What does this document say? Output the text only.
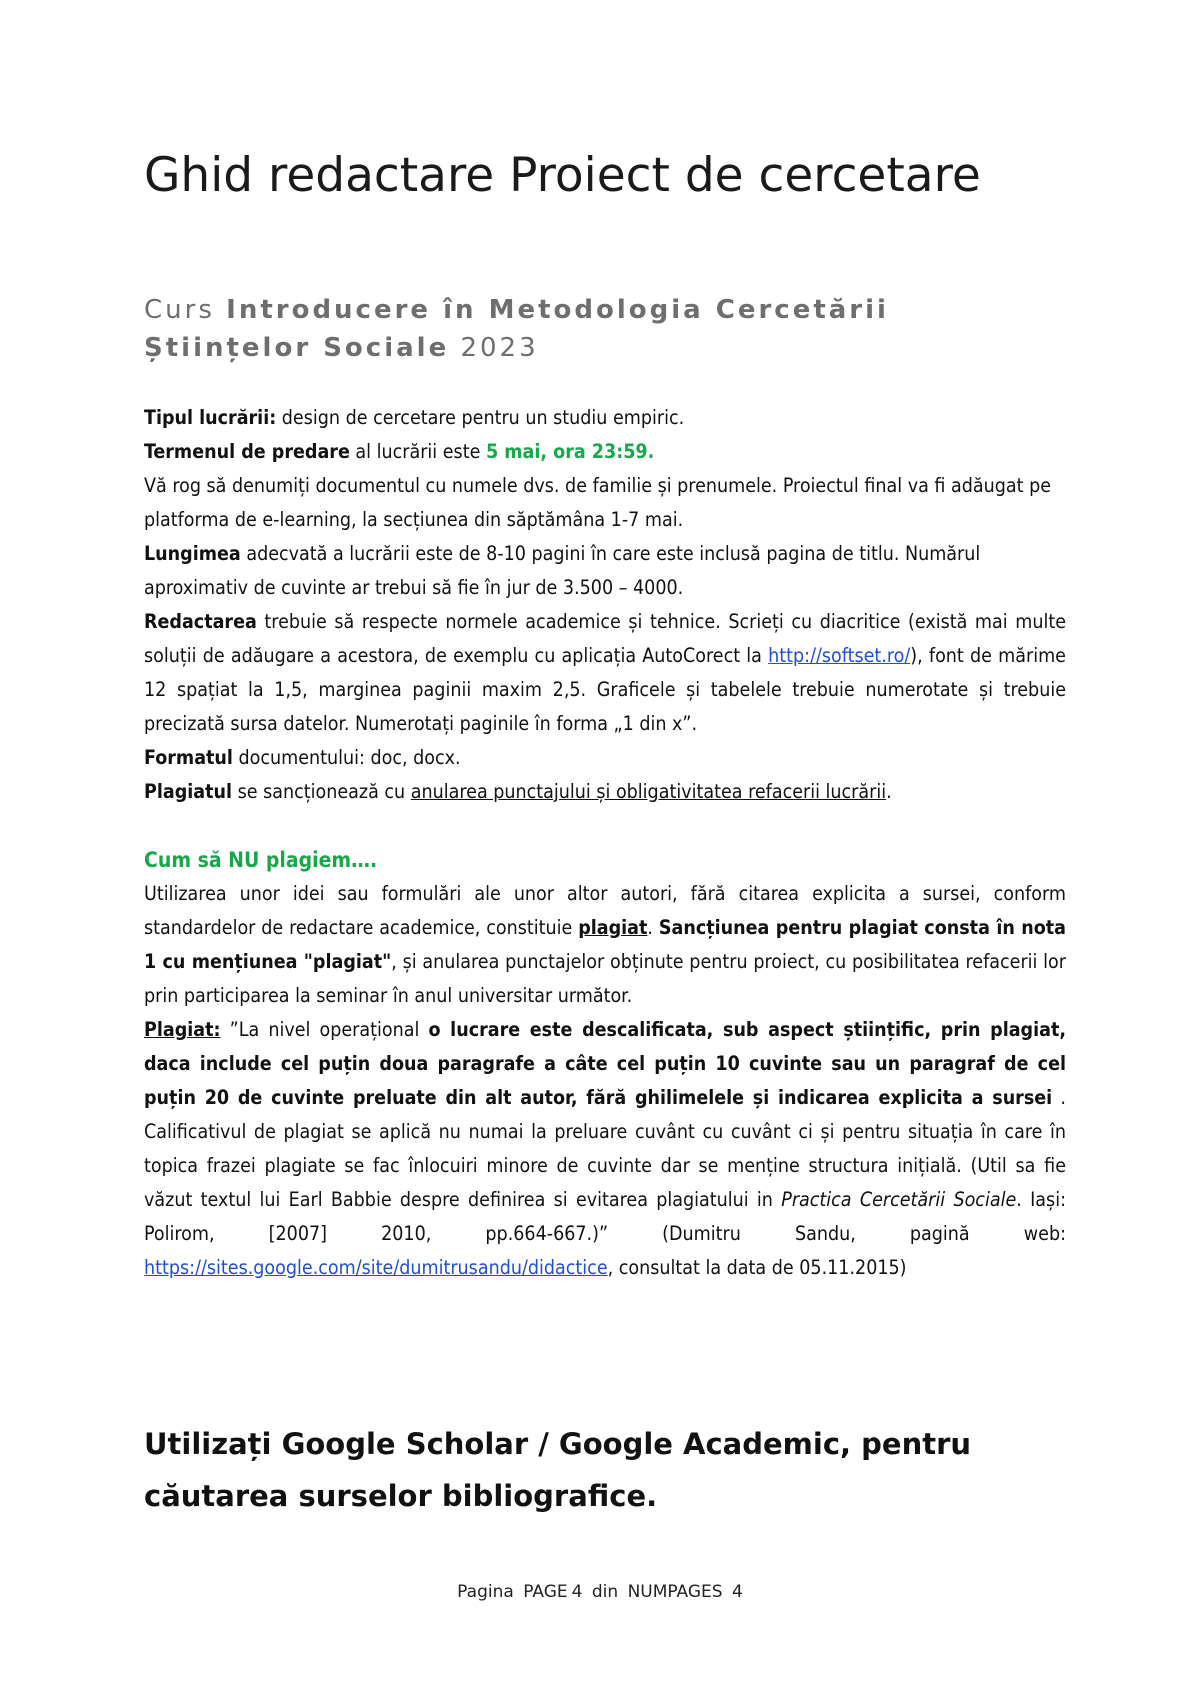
Ghid redactare Proiect de cercetare

Curs Introducere în Metodologia Cercetării Științelor Sociale 2023

Tipul lucrării: design de cercetare pentru un studiu empiric.

Termenul de predare al lucrării este 5 mai, ora 23:59.

Vă rog să denumiți documentul cu numele dvs. de familie și prenumele. Proiectul final va fi adăugat pe platforma de e-learning, la secțiunea din săptămâna 1-7 mai.

Lungimea adecvată a lucrării este de 8-10 pagini în care este inclusă pagina de titlu. Numărul aproximativ de cuvinte ar trebui să fie în jur de 3.500 – 4000.

Redactarea trebuie să respecte normele academice și tehnice. Scrieți cu diacritice (există mai multe soluții de adăugare a acestora, de exemplu cu aplicația AutoCorect la http://softset.ro/), font de mărime 12 spațiat la 1,5, marginea paginii maxim 2,5. Graficele și tabelele trebuie numerotate și trebuie precizată sursa datelor. Numerotați paginile în forma „1 din x”.

Formatul documentului: doc, docx.

Plagiatul se sancționează cu anularea punctajului și obligativitatea refacerii lucrării.

Cum să NU plagiem….

Utilizarea unor idei sau formulări ale unor altor autori, fără citarea explicita a sursei, conform standardelor de redactare academice, constituie plagiat. Sancțiunea pentru plagiat consta în nota 1 cu mențiunea "plagiat", și anularea punctajelor obținute pentru proiect, cu posibilitatea refacerii lor prin participarea la seminar în anul universitar următor.

Plagiat: ”La nivel operațional o lucrare este descalificata, sub aspect științific, prin plagiat, daca include cel puțin doua paragrafe a câte cel puțin 10 cuvinte sau un paragraf de cel puțin 20 de cuvinte preluate din alt autor, fără ghilimelele și indicarea explicita a sursei . Calificativul de plagiat se aplică nu numai la preluare cuvânt cu cuvânt ci și pentru situația în care în topica frazei plagiate se fac înlocuiri minore de cuvinte dar se menține structura inițială. (Util sa fie văzut textul lui Earl Babbie despre definirea si evitarea plagiatului in Practica Cercetării Sociale. Iași: Polirom, [2007] 2010, pp.664-667.)” (Dumitru Sandu, pagină web: https://sites.google.com/site/dumitrusandu/didactice, consultat la data de 05.11.2015)

Utilizați Google Scholar / Google Academic, pentru căutarea surselor bibliografice.

Pagina PAGE 4 din NUMPAGES 4
